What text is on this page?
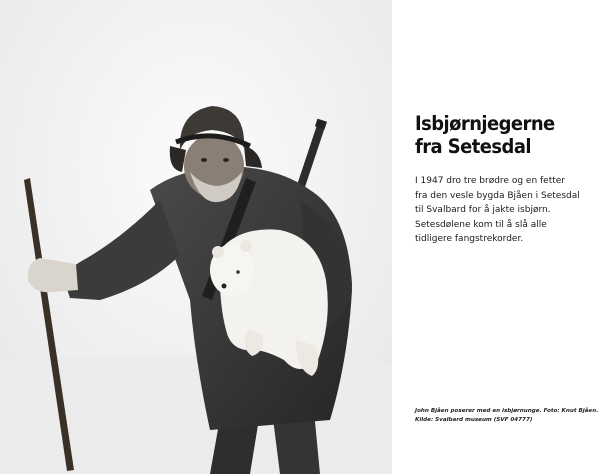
Isbjørnjegerne
fra Setesdal
I 1947 dro tre brødre og en fetter
fra den vesle bygda Bjåen i Setesdal
til Svalbard for å jakte isbjørn.
Setesdølene kom til å slå alle
tidligere fangstrekorder.
John Bjåen poserer med en isbjørnunge. Foto: Knut Bjåen.
Kilde: Svalbard museum (SVF 04777)
